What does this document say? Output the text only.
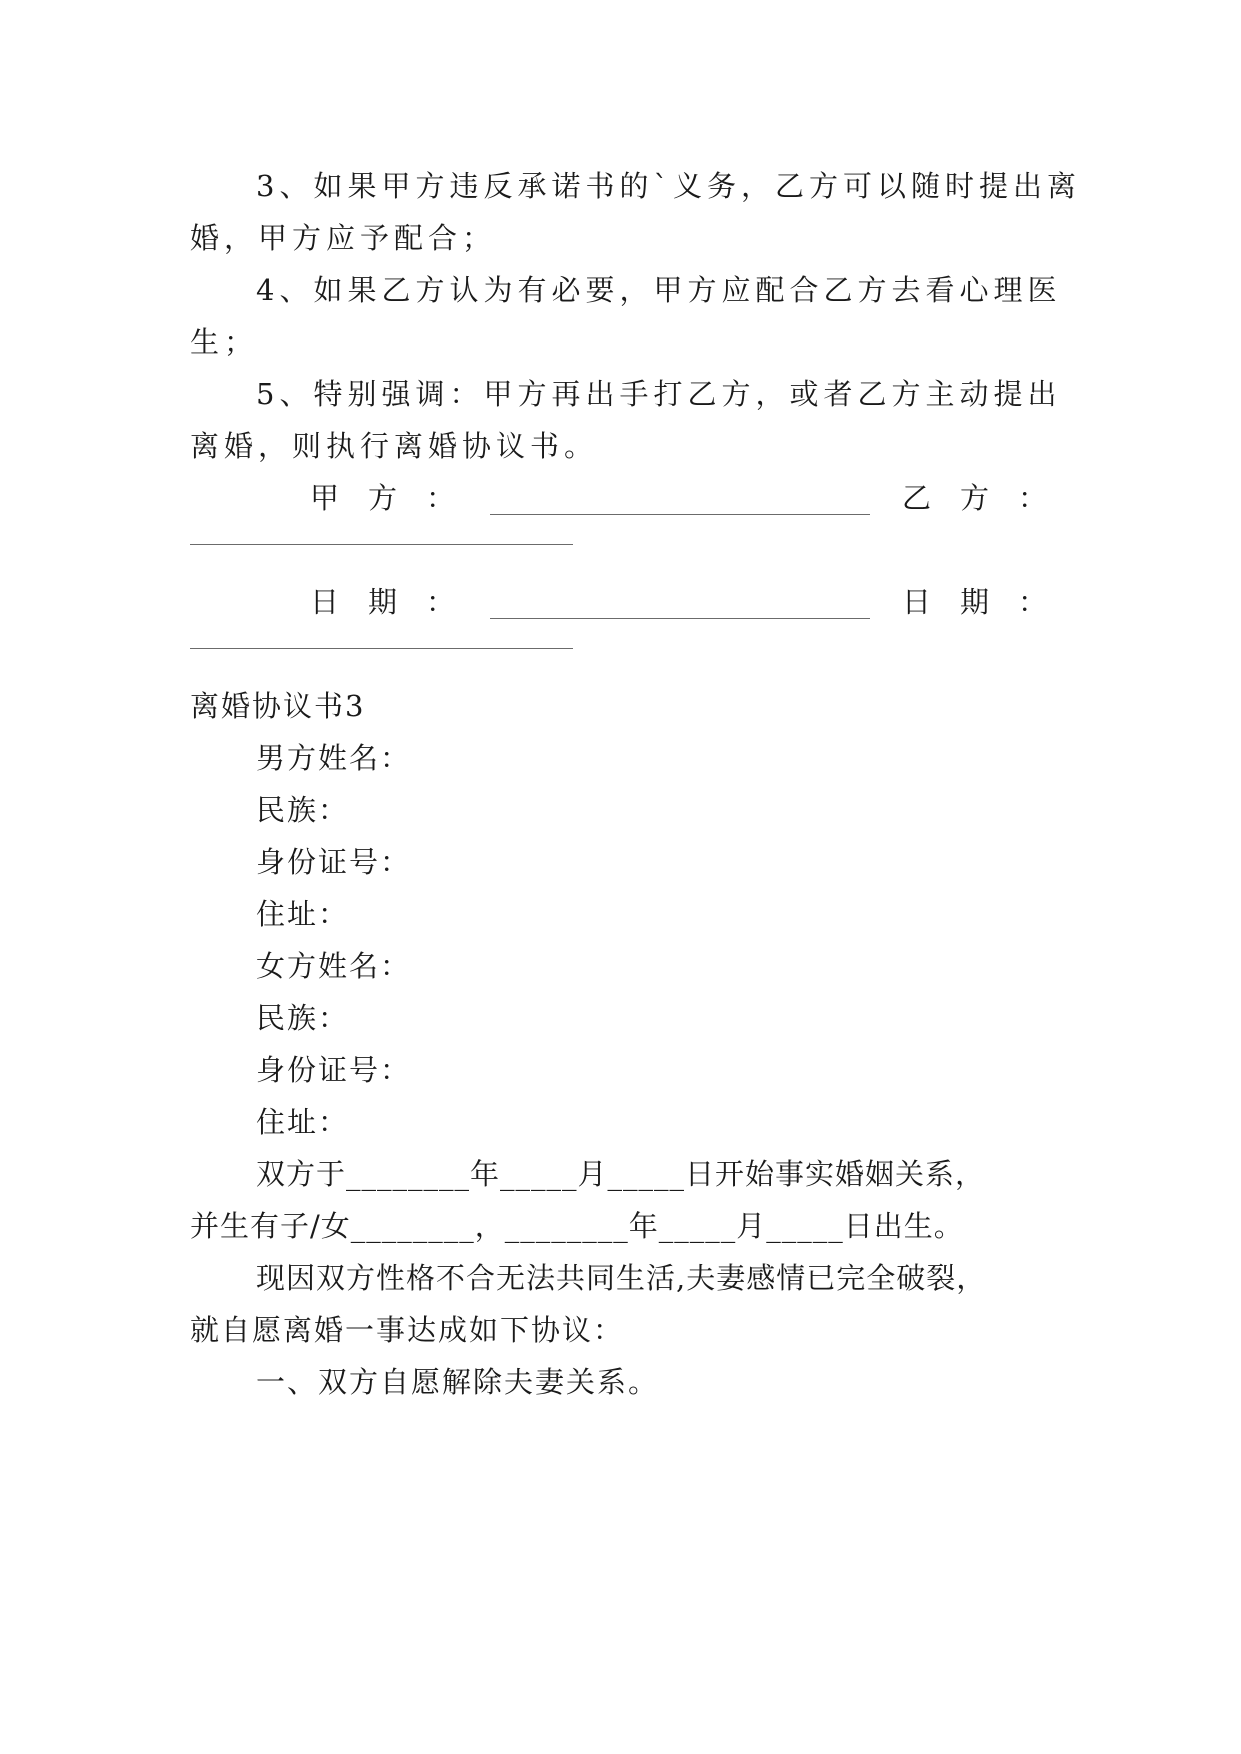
3、如果甲方违反承诺书的`义务，乙方可以随时提出离
婚，甲方应予配合；
4、如果乙方认为有必要，甲方应配合乙方去看心理医
生；
5、特别强调：甲方再出手打乙方，或者乙方主动提出
离婚，则执行离婚协议书。
甲　方　：	乙　方　：
日　期　：	日　期　：
离婚协议书3
男方姓名：
民族：
身份证号：
住址：
女方姓名：
民族：
身份证号：
住址：
双方于________年_____月_____日开始事实婚姻关系，
并生有子/女________，________年_____月_____日出生。
现因双方性格不合无法共同生活,夫妻感情已完全破裂，
就自愿离婚一事达成如下协议：
一、双方自愿解除夫妻关系。
